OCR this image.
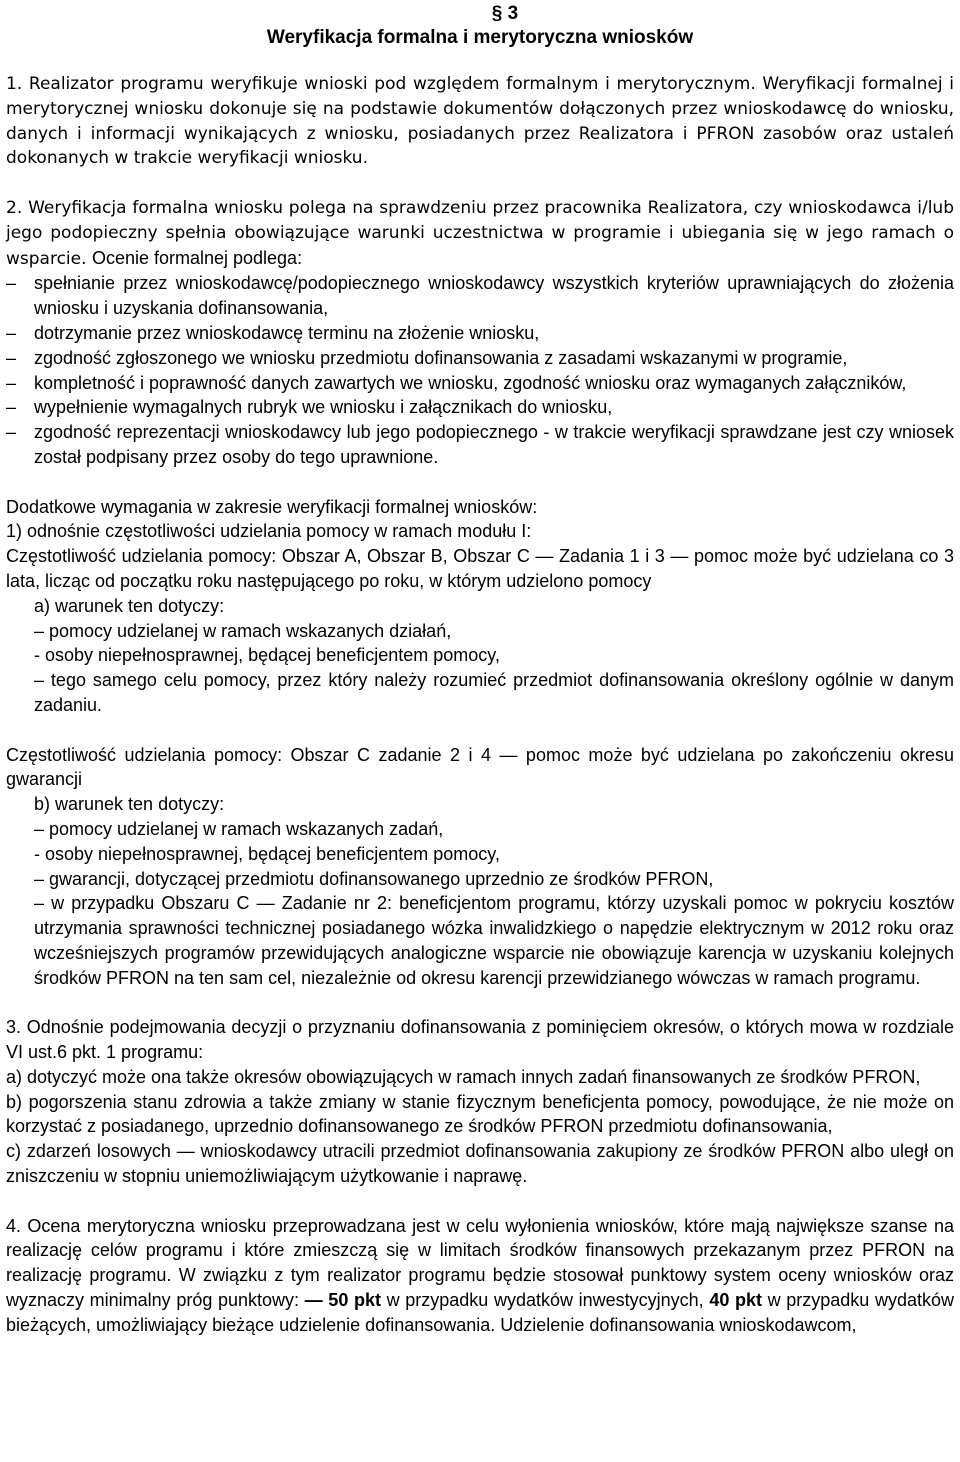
§ 3
Weryfikacja formalna i merytoryczna wniosków

1. Realizator programu weryfikuje wnioski pod względem formalnym i merytorycznym. Weryfikacji formalnej i merytorycznej wniosku dokonuje się na podstawie dokumentów dołączonych przez wnioskodawcę do wniosku, danych i informacji wynikających z wniosku, posiadanych przez Realizatora i PFRON zasobów oraz ustaleń dokonanych w trakcie weryfikacji wniosku.

2. Weryfikacja formalna wniosku polega na sprawdzeniu przez pracownika Realizatora, czy wnioskodawca i/lub jego podopieczny spełnia obowiązujące warunki uczestnictwa w programie i ubiegania się w jego ramach o wsparcie. Ocenie formalnej podlega:

– spełnianie przez wnioskodawcę/podopiecznego wnioskodawcy wszystkich kryteriów uprawniających do złożenia wniosku i uzyskania dofinansowania,

– dotrzymanie przez wnioskodawcę terminu na złożenie wniosku,

– zgodność zgłoszonego we wniosku przedmiotu dofinansowania z zasadami wskazanymi w programie,

– kompletność i poprawność danych zawartych we wniosku, zgodność wniosku oraz wymaganych załączników,

– wypełnienie wymagalnych rubryk we wniosku i załącznikach do wniosku,

– zgodność reprezentacji wnioskodawcy lub jego podopiecznego - w trakcie weryfikacji sprawdzane jest czy wniosek został podpisany przez osoby do tego uprawnione.

Dodatkowe wymagania w zakresie weryfikacji formalnej wniosków:

1) odnośnie częstotliwości udzielania pomocy w ramach modułu I:

Częstotliwość udzielania pomocy: Obszar A, Obszar B, Obszar C — Zadania 1 i 3 — pomoc może być udzielana co 3 lata, licząc od początku roku następującego po roku, w którym udzielono pomocy

a) warunek ten dotyczy:

– pomocy udzielanej w ramach wskazanych działań,

- osoby niepełnosprawnej, będącej beneficjentem pomocy,

– tego samego celu pomocy, przez który należy rozumieć przedmiot dofinansowania określony ogólnie w danym zadaniu.

Częstotliwość udzielania pomocy: Obszar C zadanie 2 i 4 — pomoc może być udzielana po zakończeniu okresu gwarancji

b) warunek ten dotyczy:

– pomocy udzielanej w ramach wskazanych zadań,

- osoby niepełnosprawnej, będącej beneficjentem pomocy,

– gwarancji, dotyczącej przedmiotu dofinansowanego uprzednio ze środków PFRON,

– w przypadku Obszaru C — Zadanie nr 2: beneficjentom programu, którzy uzyskali pomoc w pokryciu kosztów utrzymania sprawności technicznej posiadanego wózka inwalidzkiego o napędzie elektrycznym w 2012 roku oraz wcześniejszych programów przewidujących analogiczne wsparcie nie obowiązuje karencja w uzyskaniu kolejnych środków PFRON na ten sam cel, niezależnie od okresu karencji przewidzianego wówczas w ramach programu.

3. Odnośnie podejmowania decyzji o przyznaniu dofinansowania z pominięciem okresów, o których mowa w rozdziale VI ust.6 pkt. 1 programu:

a) dotyczyć może ona także okresów obowiązujących w ramach innych zadań finansowanych ze środków PFRON,

b) pogorszenia stanu zdrowia a także zmiany w stanie fizycznym beneficjenta pomocy, powodujące, że nie może on korzystać z posiadanego, uprzednio dofinansowanego ze środków PFRON przedmiotu dofinansowania,

c) zdarzeń losowych — wnioskodawcy utracili przedmiot dofinansowania zakupiony ze środków PFRON albo uległ on zniszczeniu w stopniu uniemożliwiającym użytkowanie i naprawę.

4. Ocena merytoryczna wniosku przeprowadzana jest w celu wyłonienia wniosków, które mają największe szanse na realizację celów programu i które zmieszczą się w limitach środków finansowych przekazanym przez PFRON na realizację programu. W związku z tym realizator programu będzie stosował punktowy system oceny wniosków oraz wyznaczy minimalny próg punktowy: — 50 pkt w przypadku wydatków inwestycyjnych, 40 pkt w przypadku wydatków bieżących, umożliwiający bieżące udzielenie dofinansowania. Udzielenie dofinansowania wnioskodawcom,
